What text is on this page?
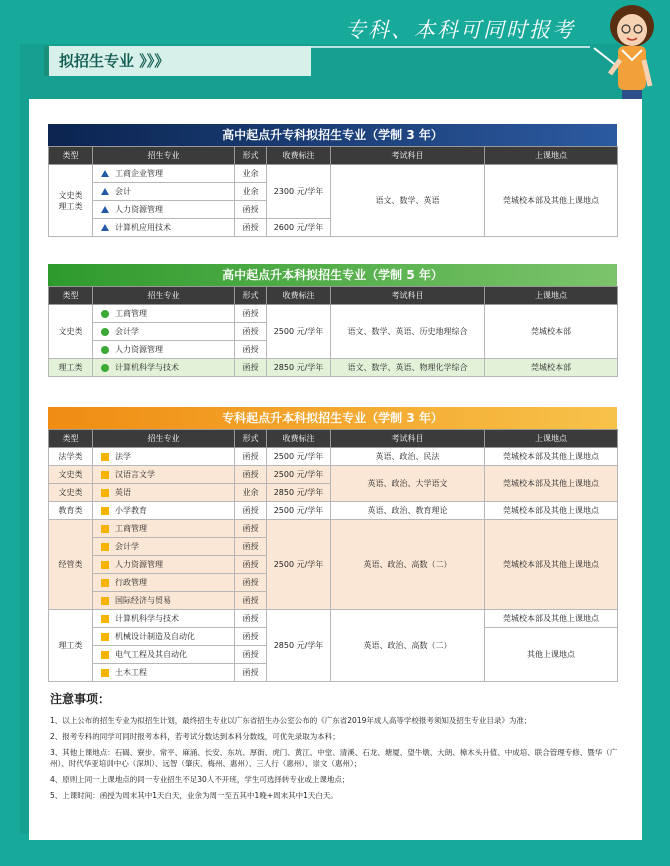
专科、本科可同时报考
拟招生专业 》》》
高中起点升专科拟招生专业（学制 3 年）
类型	招生专业	形式	收费标注	考试科目	上课地点
文史类
理工类	工商企业管理	业余	2300 元/学年	语文、数学、英语	莞城校本部及其他上课地点
	会计	业余			
	人力资源管理	函授			
	计算机应用技术	函授	2600 元/学年		
高中起点升本科拟招生专业（学制 5 年）
类型	招生专业	形式	收费标注	考试科目	上课地点
文史类	工商管理	函授	2500 元/学年	语文、数学、英语、历史地理综合	莞城校本部
	会计学	函授			
	人力资源管理	函授			
理工类	计算机科学与技术	函授	2850 元/学年	语文、数学、英语、物理化学综合	莞城校本部
专科起点升本科拟招生专业（学制 3 年）
类型	招生专业	形式	收费标注	考试科目	上课地点
法学类	法学	函授	2500 元/学年	英语、政治、民法	莞城校本部及其他上课地点
文史类	汉语言文学	函授	2500 元/学年	英语、政治、大学语文	莞城校本部及其他上课地点
文史类	英语	业余	2850 元/学年		
教育类	小学教育	函授	2500 元/学年	英语、政治、教育理论	莞城校本部及其他上课地点
经管类	工商管理	函授	2500 元/学年	英语、政治、高数（二）	莞城校本部及其他上课地点
	会计学	函授			
	人力资源管理	函授			
	行政管理	函授			
	国际经济与贸易	函授			
理工类	计算机科学与技术	函授	2850 元/学年	英语、政治、高数（二）	莞城校本部及其他上课地点
	机械设计制造及自动化	函授			其他上课地点
	电气工程及其自动化	函授			
	土木工程	函授			
注意事项：
1、以上公布的招生专业为拟招生计划，最终招生专业以广东省招生办公室公布的《广东省2019年成人高等学校报考须知及招生专业目录》为准；
2、报考专科的同学可同时报考本科，若考试分数达到本科分数线，可优先录取为本科；
3、其他上课地点：石碣、寮步、常平、麻涌、长安、东坑、厚街、虎门、黄江、中堂、清溪、石龙、塘厦、望牛墩、大朗、樟木头升值、中成培、联合管理专修、暨华（广州）、时代华亚培训中心（深圳）、远智（肇庆、梅州、惠州）、三人行（惠州）、崇文（惠州）；
4、原则上同一上课地点的同一专业招生不足30人不开班，学生可选择转专业或上课地点；
5、上课时间：函授为周末其中1天白天，业余为周一至五其中1晚+周末其中1天白天。
